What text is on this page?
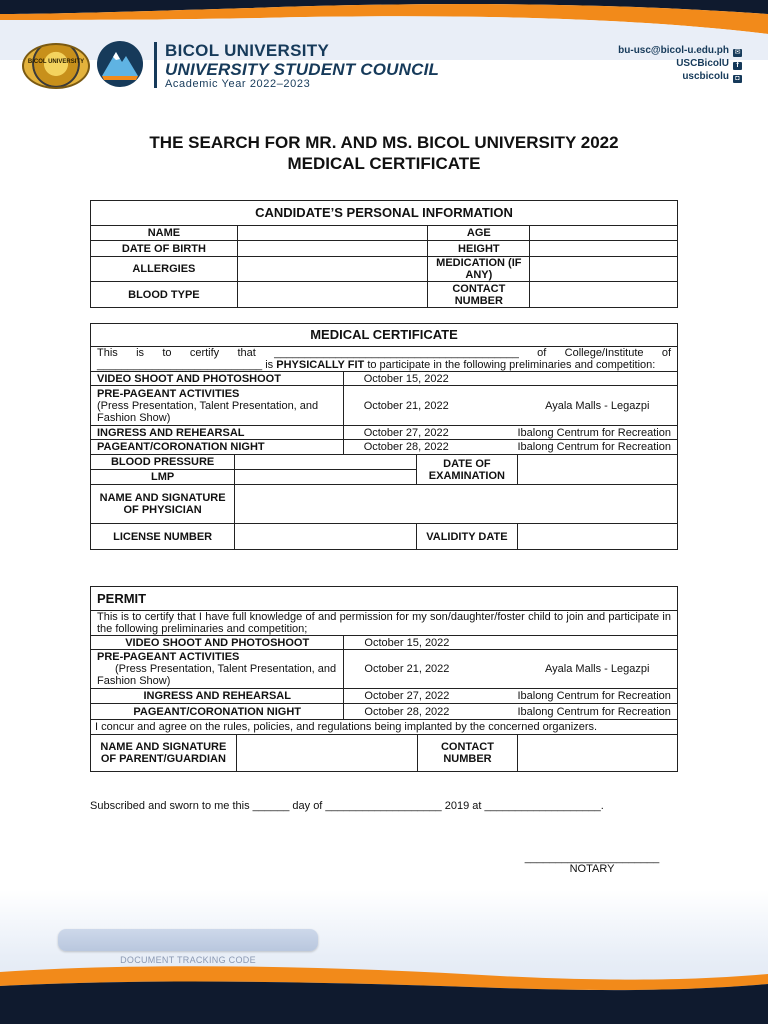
BICOL UNIVERSITY
BICOL UNIVERSITY
UNIVERSITY STUDENT COUNCIL
Academic Year 2022–2023
bu-usc@bicol-u.edu.ph ✉
USCBicolU f
uscbicolu ◘
THE SEARCH FOR MR. AND MS. BICOL UNIVERSITY 2022
MEDICAL CERTIFICATE
CANDIDATE’S PERSONAL INFORMATION			
NAME		AGE	
DATE OF BIRTH		HEIGHT	
ALLERGIES		MEDICATION (IF ANY)	
BLOOD TYPE		CONTACT NUMBER	
MEDICAL CERTIFICATE				
This is to certify that ________________________________________ of College/Institute of ___________________________ is PHYSICALLY FIT to participate in the following preliminaries and competition:				
VIDEO SHOOT AND PHOTOSHOOT		October 15, 2022		
PRE-PAGEANT ACTIVITIES
(Press Presentation, Talent Presentation, and Fashion Show)		October 21, 2022		Ayala Malls - Legazpi
INGRESS AND REHEARSAL		October 27, 2022		Ibalong Centrum for Recreation
PAGEANT/CORONATION NIGHT		October 28, 2022		Ibalong Centrum for Recreation
BLOOD PRESSURE			DATE OF EXAMINATION	
LMP				
NAME AND SIGNATURE OF PHYSICIAN				
LICENSE NUMBER			VALIDITY DATE	
PERMIT				
This is to certify that I have full knowledge of and permission for my son/daughter/foster child to join and participate in the following preliminaries and competition;				
VIDEO SHOOT AND PHOTOSHOOT		October 15, 2022		
PRE-PAGEANT ACTIVITIES
(Press Presentation, Talent Presentation, and Fashion Show)		October 21, 2022		Ayala Malls - Legazpi
INGRESS AND REHEARSAL		October 27, 2022		Ibalong Centrum for Recreation
PAGEANT/CORONATION NIGHT		October 28, 2022		Ibalong Centrum for Recreation
I concur and agree on the rules, policies, and regulations being implanted by the concerned organizers.				
NAME AND SIGNATURE OF PARENT/GUARDIAN			CONTACT NUMBER	
Subscribed and sworn to me this ______ day of ___________________ 2019 at ___________________.
______________________
NOTARY
DOCUMENT TRACKING CODE
